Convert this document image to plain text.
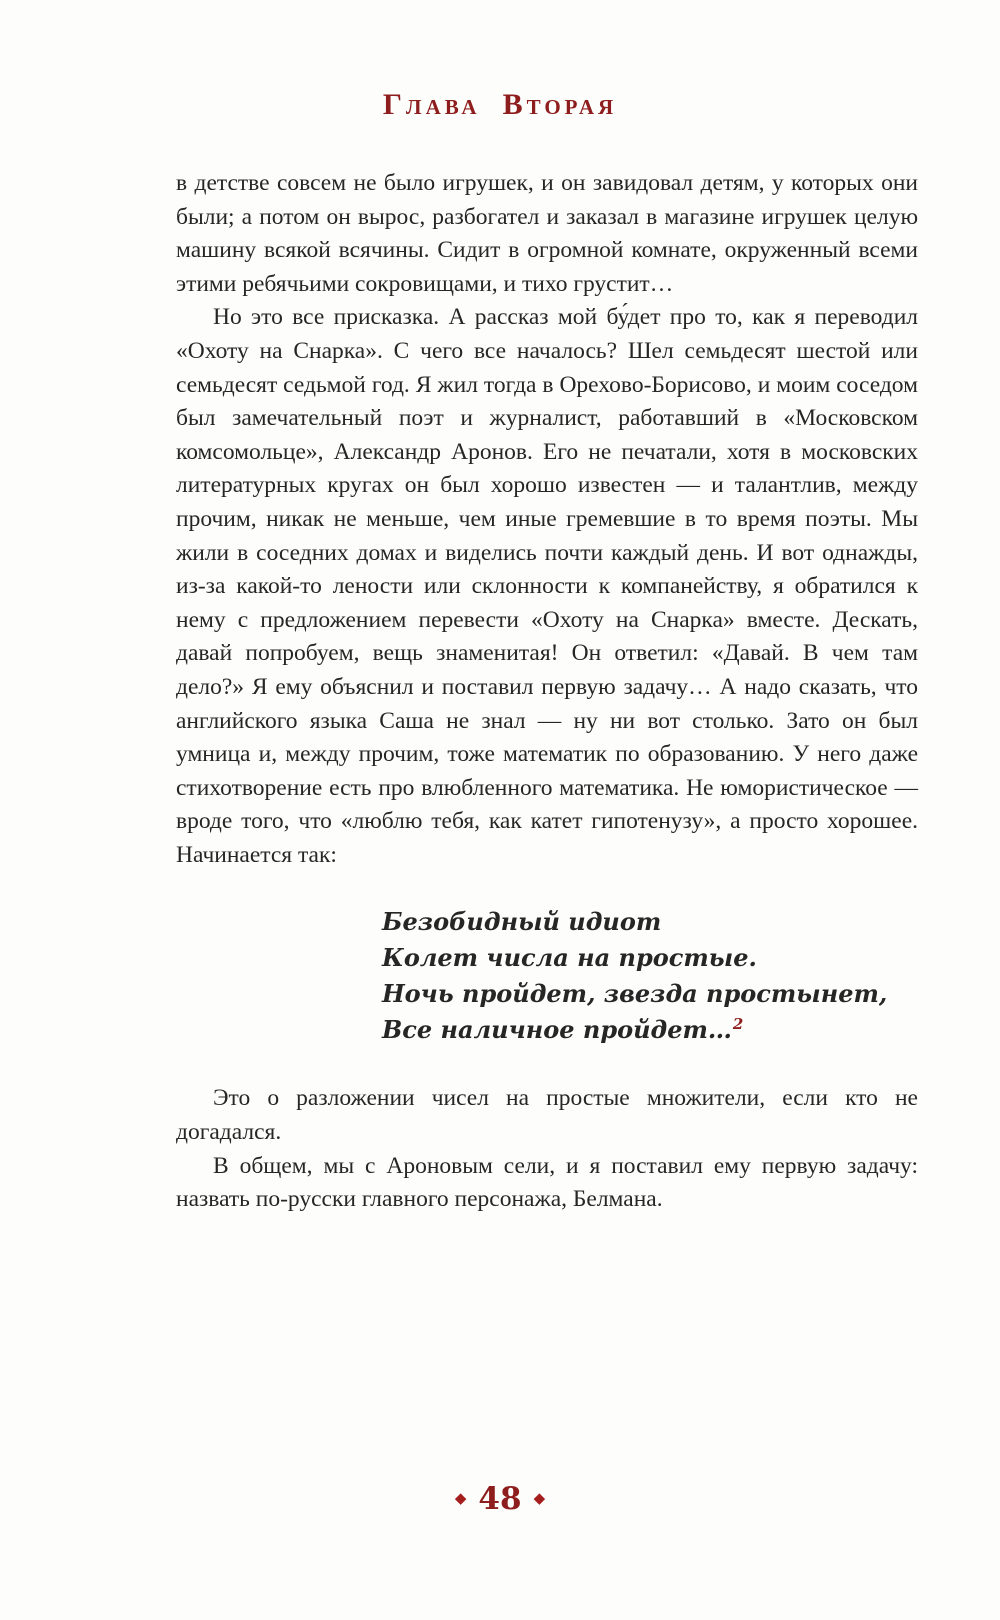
ГЛАВА ВТОРАЯ

в детстве совсем не было игрушек, и он завидовал детям, у которых они были; а потом он вырос, разбогател и заказал в магазине игрушек целую машину всякой всячины. Сидит в огромной комнате, окруженный всеми этими ребячьими сокровищами, и тихо грустит…

Но это все присказка. А рассказ мой бу́дет про то, как я переводил «Охоту на Снарка». С чего все началось? Шел семьдесят шестой или семьдесят седьмой год. Я жил тогда в Орехово-Борисово, и моим соседом был замечательный поэт и журналист, работавший в «Московском комсомольце», Александр Аронов. Его не печатали, хотя в московских литературных кругах он был хорошо известен — и талантлив, между прочим, никак не меньше, чем иные гремевшие в то время поэты. Мы жили в соседних домах и виделись почти каждый день. И вот однажды, из-за какой-то лености или склонности к компанейству, я обратился к нему с предложением перевести «Охоту на Снарка» вместе. Дескать, давай попробуем, вещь знаменитая! Он ответил: «Давай. В чем там дело?» Я ему объяснил и поставил первую задачу… А надо сказать, что английского языка Саша не знал — ну ни вот столько. Зато он был умница и, между прочим, тоже математик по образованию. У него даже стихотворение есть про влюбленного математика. Не юмористическое — вроде того, что «люблю тебя, как катет гипотенузу», а просто хорошее. Начинается так:

Безобидный идиот
Колет числа на простые.
Ночь пройдет, звезда простынет,
Все наличное пройдет…$^2$

Это о разложении чисел на простые множители, если кто не догадался.

В общем, мы с Ароновым сели, и я поставил ему первую задачу: назвать по-русски главного персонажа, Белмана.

◆ 48 ◆
